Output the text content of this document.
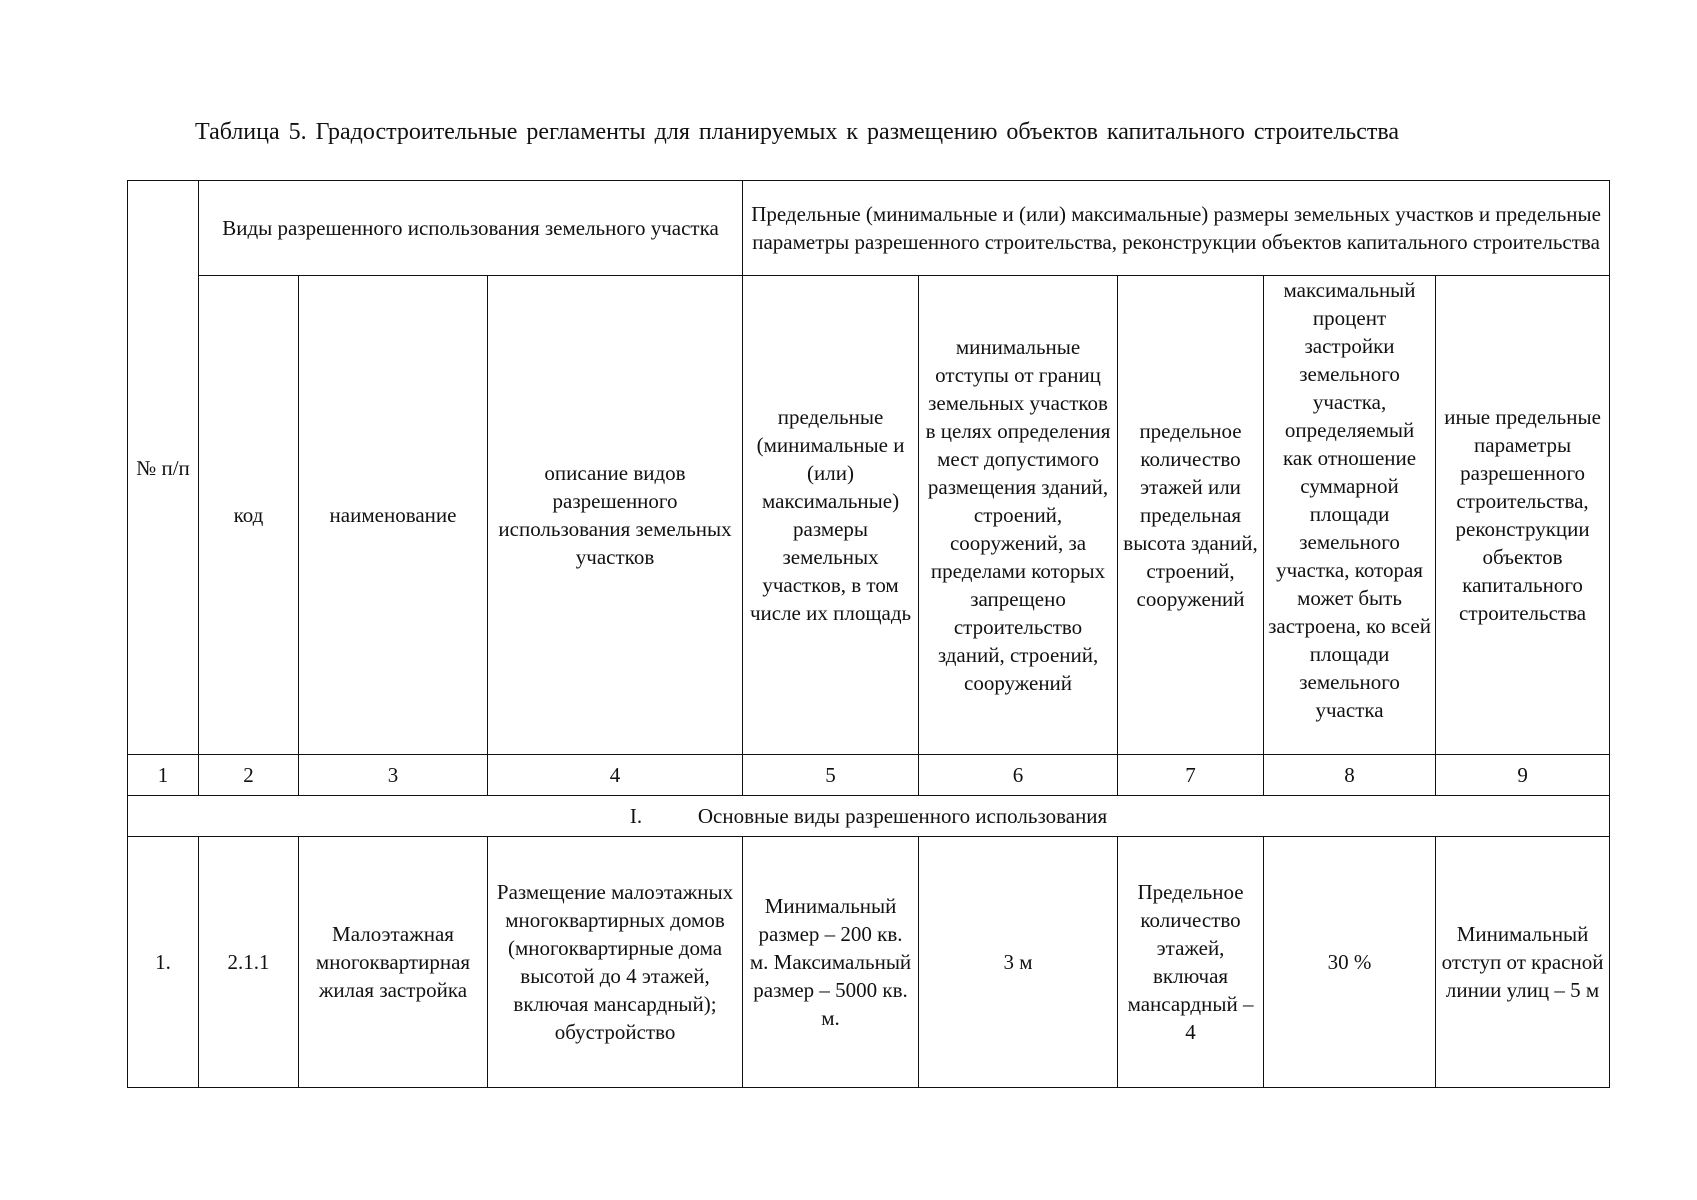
Таблица 5. Градостроительные регламенты для планируемых к размещению объектов капитального строительства
№ п/п	Виды разрешенного использования земельного участка			Предельные (минимальные и (или) максимальные) размеры земельных участков и предельные параметры разрешенного строительства, реконструкции объектов капитального строительства				
	код	наименование	описание видов разрешенного использования земельных участков	предельные (минимальные и (или) максимальные) размеры земельных участков, в том числе их площадь	минимальные отступы от границ земельных участков в целях определения мест допустимого размещения зданий, строений, сооружений, за пределами которых запрещено строительство зданий, строений, сооружений	предельное количество этажей или предельная высота зданий, строений, сооружений	максимальный процент застройки земельного участка, определяемый как отношение суммарной площади земельного участка, которая может быть застроена, ко всей площади земельного участка	иные предельные параметры разрешенного строительства, реконструкции объектов капитального строительства
1	2	3	4	5	6	7	8	9
I. Основные виды разрешенного использования								
1.	2.1.1	Малоэтажная многоквартирная жилая застройка	Размещение малоэтажных многоквартирных домов (многоквартирные дома высотой до 4 этажей, включая мансардный); обустройство	Минимальный размер – 200 кв. м. Максимальный размер – 5000 кв. м.	3 м	Предельное количество этажей, включая мансардный – 4	30 %	Минимальный отступ от красной линии улиц – 5 м
